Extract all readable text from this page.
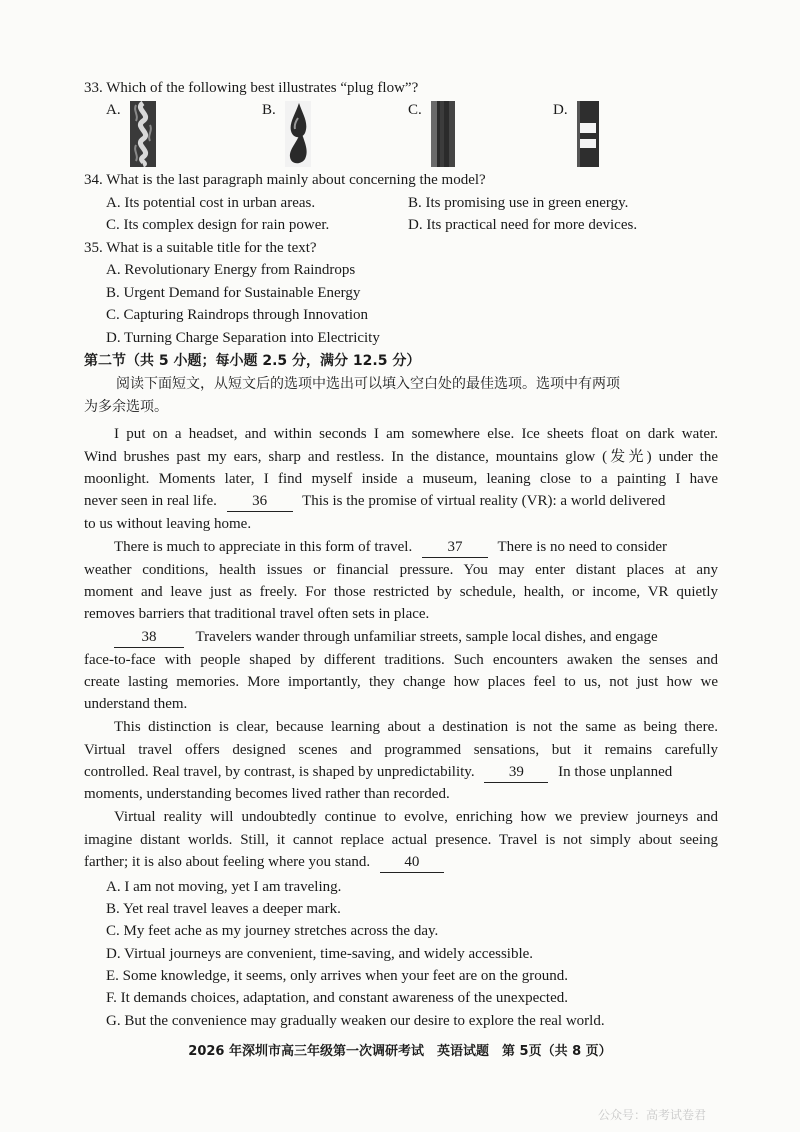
33. Which of the following best illustrates “plug flow”?
A.	B.	C.	D.
34. What is the last paragraph mainly about concerning the model?
A. Its potential cost in urban areas.	B. Its promising use in green energy.
C. Its complex design for rain power.	D. Its practical need for more devices.
35. What is a suitable title for the text?
A. Revolutionary Energy from Raindrops
B. Urgent Demand for Sustainable Energy
C. Capturing Raindrops through Innovation
D. Turning Charge Separation into Electricity
第二节（共 5 小题；每小题 2.5 分，满分 12.5 分）
阅读下面短文，从短文后的选项中选出可以填入空白处的最佳选项。选项中有两项
为多余选项。
I put on a headset, and within seconds I am somewhere else. Ice sheets float on dark water.
Wind brushes past my ears, sharp and restless. In the distance, mountains glow (发光) under the
moonlight. Moments later, I find myself inside a museum, leaning close to a painting I have
never seen in real life. 36 This is the promise of virtual reality (VR): a world delivered
to us without leaving home.
There is much to appreciate in this form of travel. 37 There is no need to consider
weather conditions, health issues or financial pressure. You may enter distant places at any
moment and leave just as freely. For those restricted by schedule, health, or income, VR quietly
removes barriers that traditional travel often sets in place.
38	Travelers wander through unfamiliar streets, sample local dishes, and engage
face-to-face with people shaped by different traditions. Such encounters awaken the senses and
create lasting memories. More importantly, they change how places feel to us, not just how we
understand them.
This distinction is clear, because learning about a destination is not the same as being there.
Virtual travel offers designed scenes and programmed sensations, but it remains carefully
controlled. Real travel, by contrast, is shaped by unpredictability. 39 In those unplanned
moments, understanding becomes lived rather than recorded.
Virtual reality will undoubtedly continue to evolve, enriching how we preview journeys and
imagine distant worlds. Still, it cannot replace actual presence. Travel is not simply about seeing
farther; it is also about feeling where you stand. 40
A. I am not moving, yet I am traveling.
B. Yet real travel leaves a deeper mark.
C. My feet ache as my journey stretches across the day.
D. Virtual journeys are convenient, time-saving, and widely accessible.
E. Some knowledge, it seems, only arrives when your feet are on the ground.
F. It demands choices, adaptation, and constant awareness of the unexpected.
G. But the convenience may gradually weaken our desire to explore the real world.
2026 年深圳市高三年级第一次调研考试　英语试题　第 5页（共 8 页）
公众号：高考试卷君
